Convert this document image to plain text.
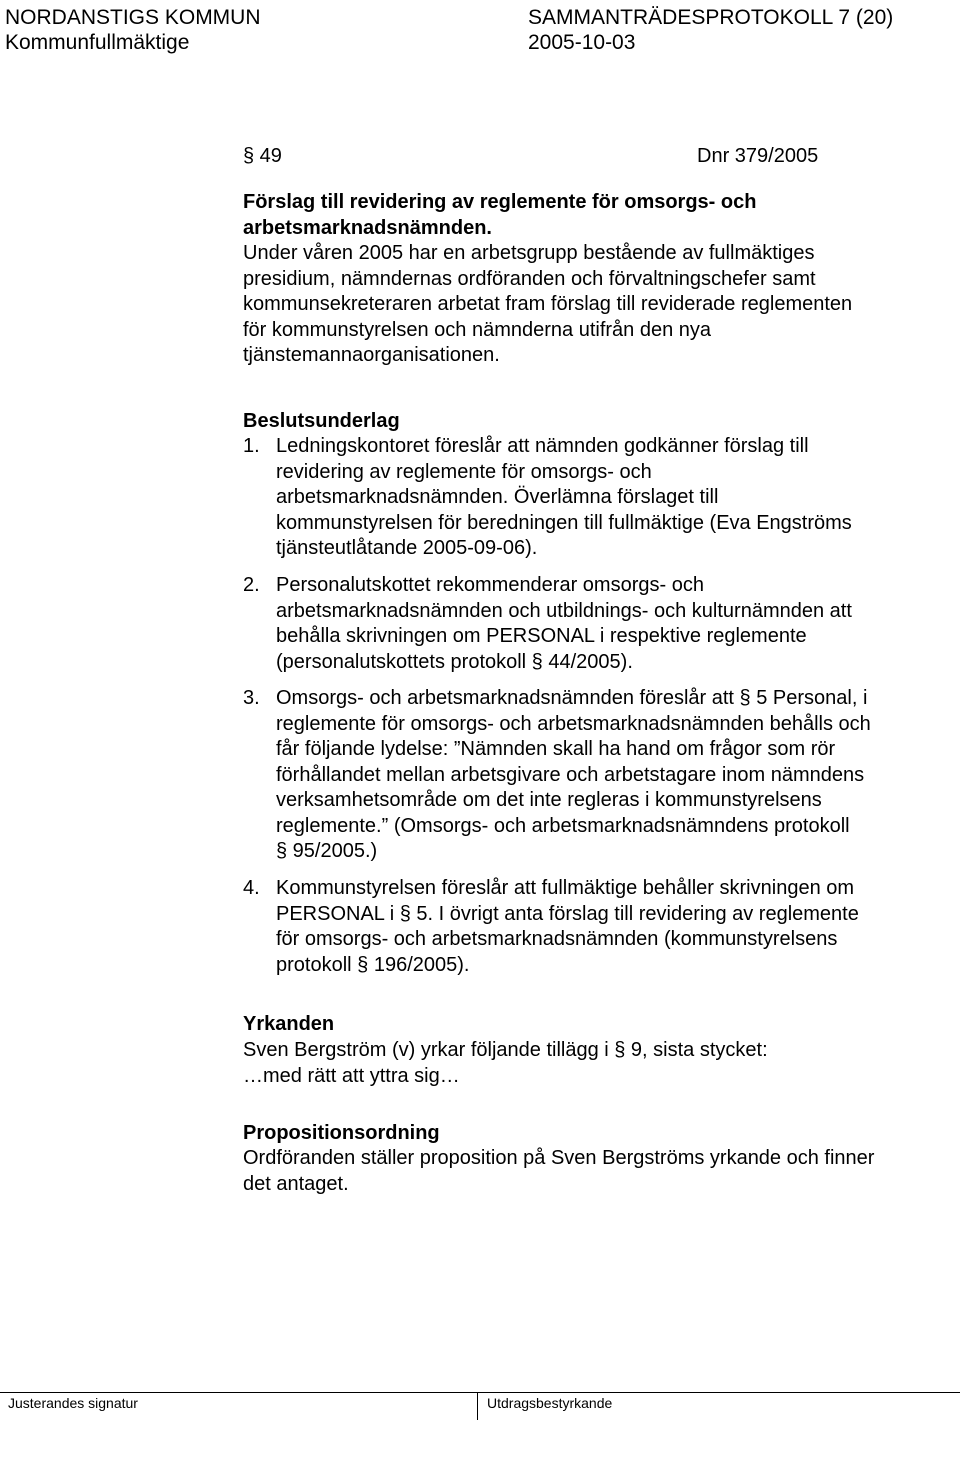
NORDANSTIGS KOMMUN
Kommunfullmäktige
SAMMANTRÄDESPROTOKOLL 7 (20)
2005-10-03
§ 49	Dnr 379/2005
Förslag till revidering av reglemente för omsorgs- och
arbetsmarknadsnämnden.
Under våren 2005 har en arbetsgrupp bestående av fullmäktiges
presidium, nämndernas ordföranden och förvaltningschefer samt
kommunsekreteraren arbetat fram förslag till reviderade reglementen
för kommunstyrelsen och nämnderna utifrån den nya
tjänstemannaorganisationen.
Beslutsunderlag
1. Ledningskontoret föreslår att nämnden godkänner förslag till
revidering av reglemente för omsorgs- och
arbetsmarknadsnämnden. Överlämna förslaget till
kommunstyrelsen för beredningen till fullmäktige (Eva Engströms
tjänsteutlåtande 2005-09-06).
2. Personalutskottet rekommenderar omsorgs- och
arbetsmarknadsnämnden och utbildnings- och kulturnämnden att
behålla skrivningen om PERSONAL i respektive reglemente
(personalutskottets protokoll § 44/2005).
3. Omsorgs- och arbetsmarknadsnämnden föreslår att § 5 Personal, i
reglemente för omsorgs- och arbetsmarknadsnämnden behålls och
får följande lydelse: ”Nämnden skall ha hand om frågor som rör
förhållandet mellan arbetsgivare och arbetstagare inom nämndens
verksamhetsområde om det inte regleras i kommunstyrelsens
reglemente.” (Omsorgs- och arbetsmarknadsnämndens protokoll
§ 95/2005.)
4. Kommunstyrelsen föreslår att fullmäktige behåller skrivningen om
PERSONAL i § 5. I övrigt anta förslag till revidering av reglemente
för omsorgs- och arbetsmarknadsnämnden (kommunstyrelsens
protokoll § 196/2005).
Yrkanden
Sven Bergström (v) yrkar följande tillägg i § 9, sista stycket:
…med rätt att yttra sig…
Propositionsordning
Ordföranden ställer proposition på Sven Bergströms yrkande och finner
det antaget.
Justerandes signatur	Utdragsbestyrkande
